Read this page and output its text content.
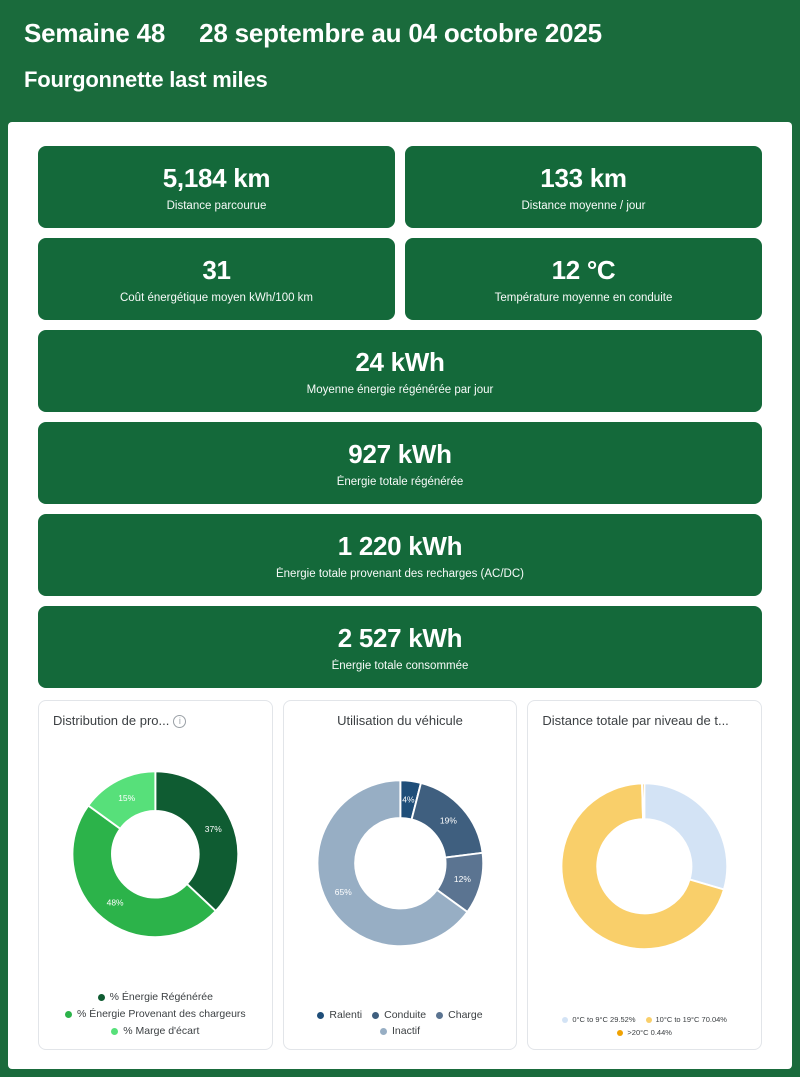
Semaine 48 28 septembre au 04 octobre 2025
Fourgonnette last miles
5,184 km
Distance parcourue
133 km
Distance moyenne / jour
31
Coût énergétique moyen kWh/100 km
12 °C
Température moyenne en conduite
24 kWh
Moyenne énergie régénérée par jour
927 kWh
Énergie totale régénérée
1 220 kWh
Énergie totale provenant des recharges (AC/DC)
2 527 kWh
Énergie totale consommée
Distribution de pro... i
37%
48%
15%
% Énergie Régénérée
% Énergie Provenant des chargeurs
% Marge d'écart
Utilisation du véhicule
4%
19%
12%
65%
Ralenti Conduite Charge
Inactif
Distance totale par niveau de t...
0°C to 9°C 29.52%	10°C to 19°C 70.04%
>20°C 0.44%
